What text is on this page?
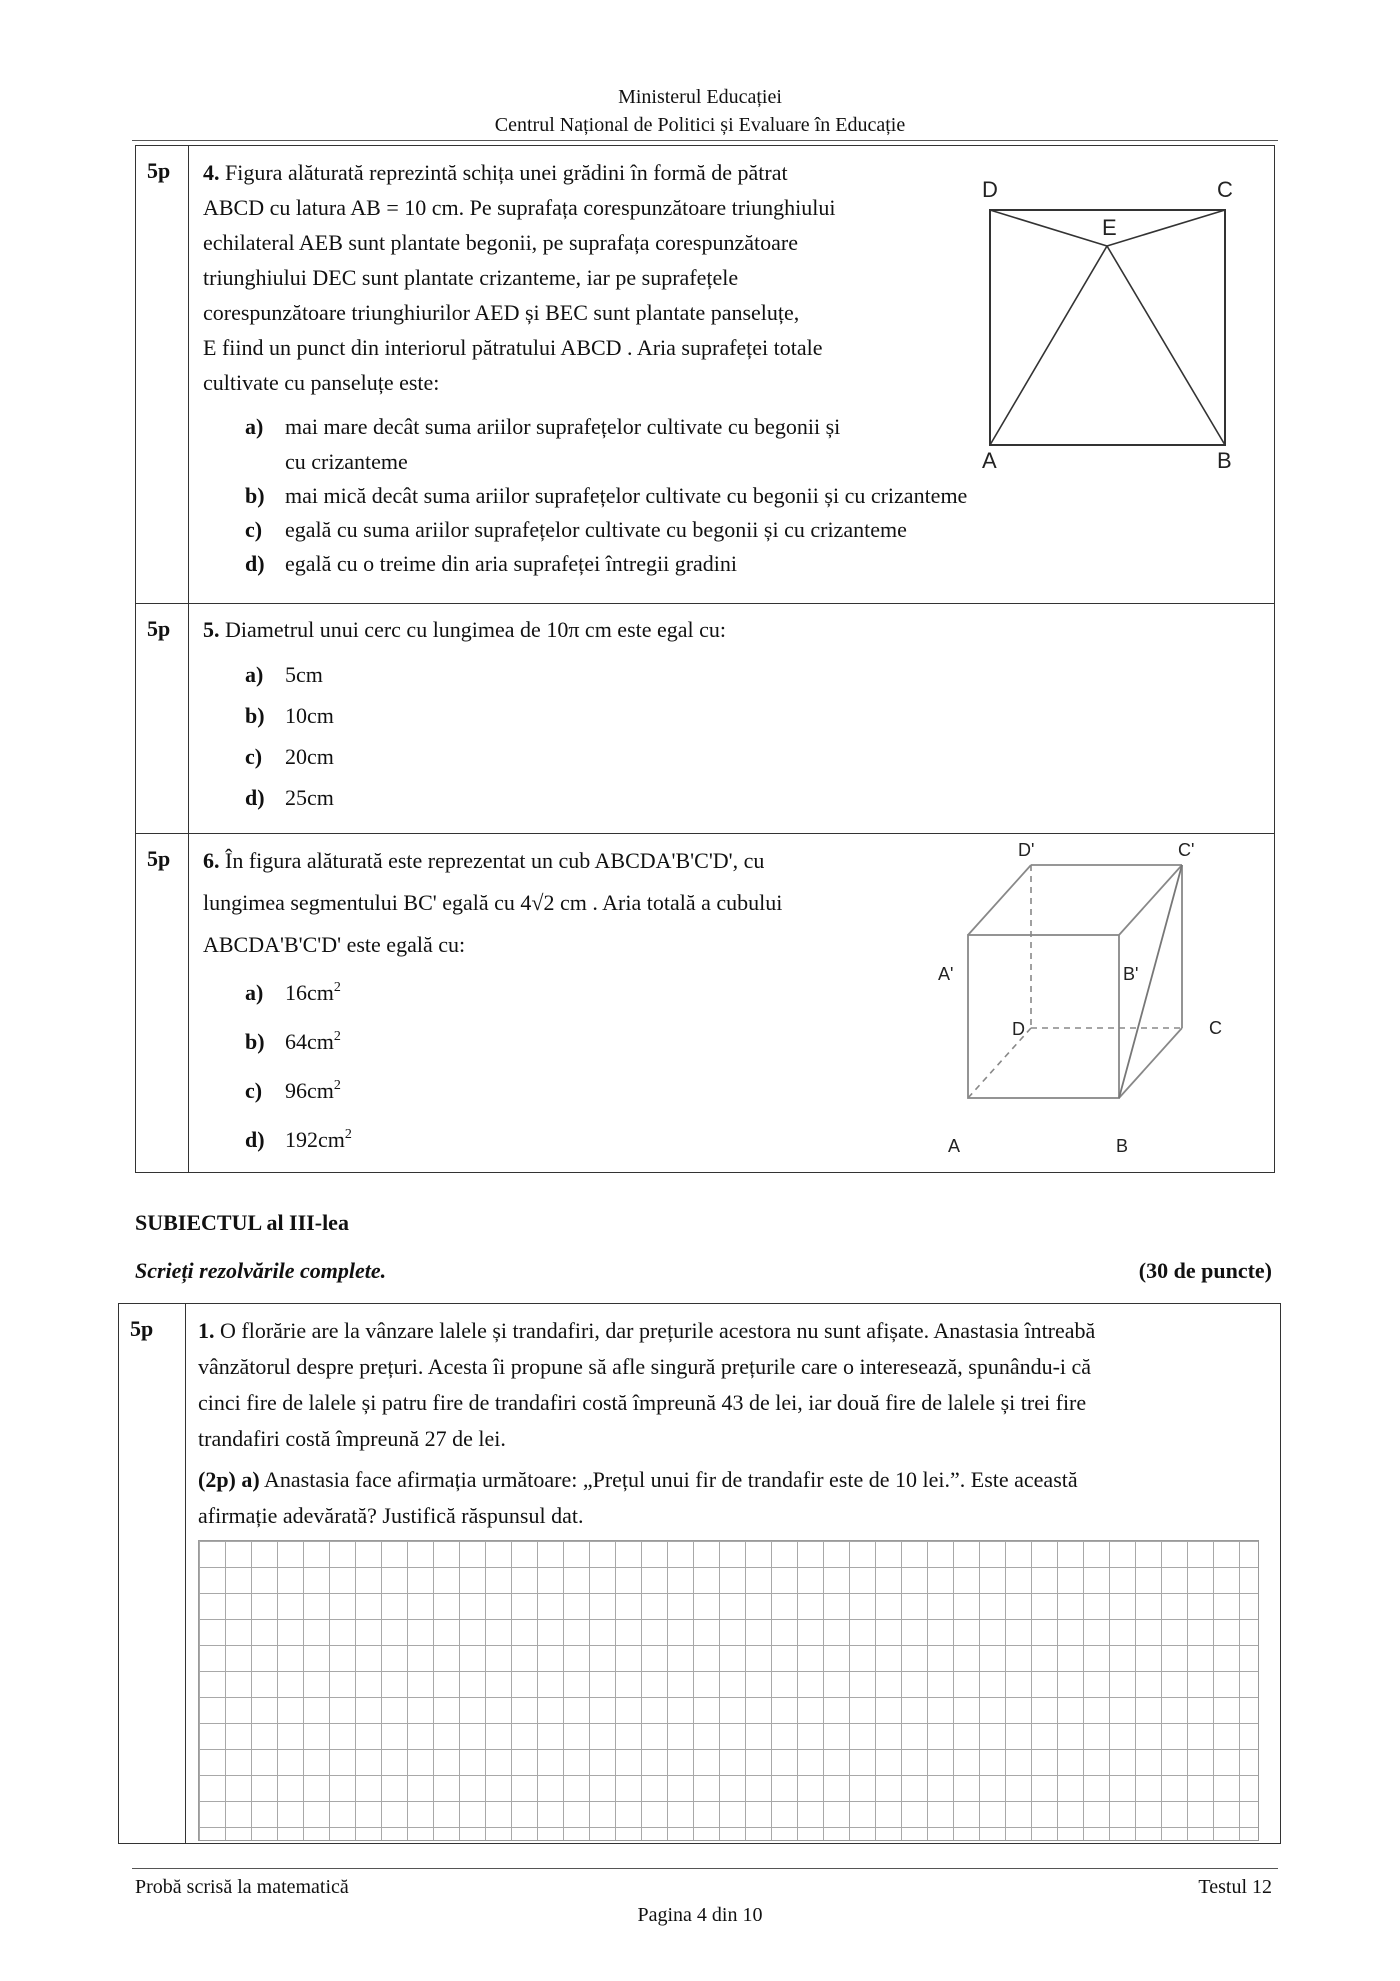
Ministerul Educației
Centrul Național de Politici și Evaluare în Educație
5p 4. Figura alăturată reprezintă schița unei grădini în formă de pătrat
ABCD cu latura AB = 10 cm. Pe suprafața corespunzătoare triunghiului
echilateral AEB sunt plantate begonii, pe suprafața corespunzătoare
triunghiului DEC sunt plantate crizanteme, iar pe suprafețele
corespunzătoare triunghiurilor AED și BEC sunt plantate panseluțe,
E fiind un punct din interiorul pătratului ABCD . Aria suprafeței totale
cultivate cu panseluțe este:
a) mai mare decât suma ariilor suprafețelor cultivate cu begonii și
cu crizanteme
b) mai mică decât suma ariilor suprafețelor cultivate cu begonii și cu crizanteme
c) egală cu suma ariilor suprafețelor cultivate cu begonii și cu crizanteme
d) egală cu o treime din aria suprafeței întregii gradini
D	C
E
A	B
5p 5. Diametrul unui cerc cu lungimea de 10π cm este egal cu:
a) 5cm
b) 10cm
c) 20cm
d) 25cm
5p 6. În figura alăturată este reprezentat un cub ABCDA'B'C'D', cu
lungimea segmentului BC' egală cu 4√2 cm . Aria totală a cubului
ABCDA'B'C'D' este egală cu:
a) $16cm^2$
b) $64cm^2$
c) $96cm^2$
d) $192cm^2$
D'	C'
A'	B'
D	C
A	B
SUBIECTUL al III-lea
Scrieți rezolvările complete.	(30 de puncte)
5p 1. O florărie are la vânzare lalele și trandafiri, dar prețurile acestora nu sunt afișate. Anastasia întreabă
vânzătorul despre prețuri. Acesta îi propune să afle singură prețurile care o interesează, spunându-i că
cinci fire de lalele și patru fire de trandafiri costă împreună 43 de lei, iar două fire de lalele și trei fire
trandafiri costă împreună 27 de lei.
(2p) a) Anastasia face afirmația următoare: „Prețul unui fir de trandafir este de 10 lei.”. Este această
afirmație adevărată? Justifică răspunsul dat.
Probă scrisă la matematică	Testul 12
Pagina 4 din 10
